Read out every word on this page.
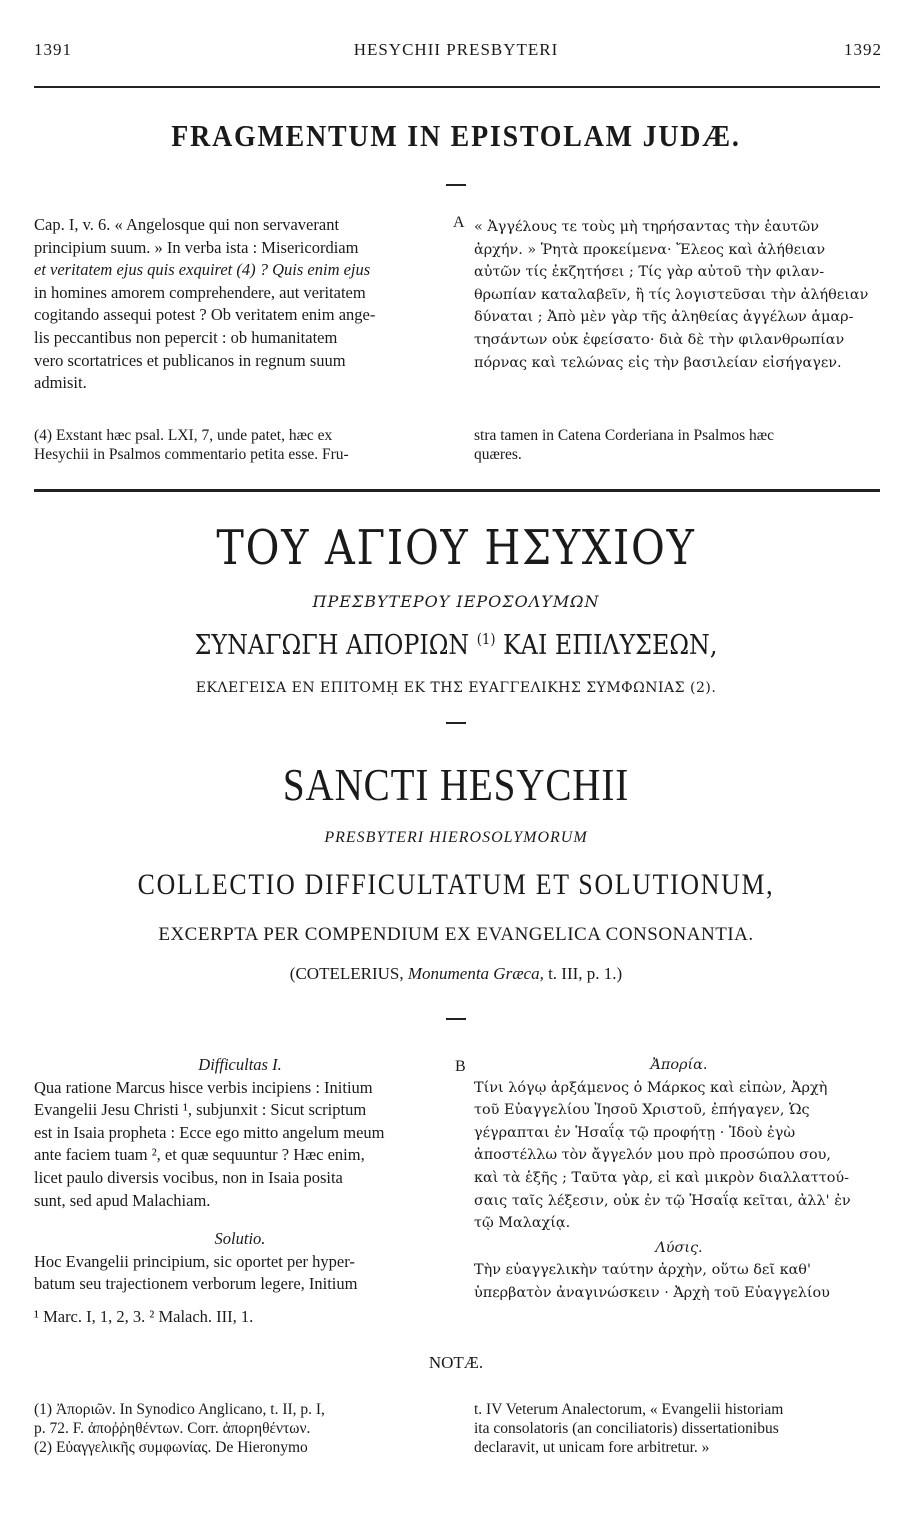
1391	HESYCHII PRESBYTERI	1392
FRAGMENTUM IN EPISTOLAM JUDÆ.

Cap. I, v. 6. « Angelosque qui non servaverant

principium suum. » In verba ista : Misericordiam

et veritatem ejus quis exquiret (4) ? Quis enim ejus

in homines amorem comprehendere, aut veritatem

cogitando assequi potest ? Ob veritatem enim ange-

lis peccantibus non pepercit : ob humanitatem

vero scortatrices et publicanos in regnum suum

admisit.

A « Ἀγγέλους τε τοὺς μὴ τηρήσαντας τὴν ἑαυτῶν

ἀρχήν. » Ῥητὰ προκείμενα· Ἔλεος καὶ ἀλήθειαν

αὐτῶν τίς ἐκζητήσει ; Τίς γὰρ αὐτοῦ τὴν φιλαν-

θρωπίαν καταλαβεῖν, ἢ τίς λογιστεῦσαι τὴν ἀλήθειαν

δύναται ; Ἀπὸ μὲν γὰρ τῆς ἀληθείας ἀγγέλων ἁμαρ-

τησάντων οὐκ ἐφείσατο· διὰ δὲ τὴν φιλανθρωπίαν

πόρνας καὶ τελώνας εἰς τὴν βασιλείαν εἰσήγαγεν.

(4) Exstant hæc psal. LXI, 7, unde patet, hæc ex

Hesychii in Psalmos commentario petita esse. Fru-

stra tamen in Catena Corderiana in Psalmos hæc

quæres.

ΤΟΥ ΑΓΙΟΥ ΗΣΥΧΙΟΥ
ΠΡΕΣΒΥΤΕΡΟΥ ΙΕΡΟΣΟΛΥΜΩΝ
ΣΥΝΑΓΩΓΗ ΑΠΟΡΙΩΝ $^{(1)}$ ΚΑΙ ΕΠΙΛΥΣΕΩΝ,
ΕΚΛΕΓΕΙΣΑ ΕΝ ΕΠΙΤΟΜῌ ΕΚ ΤΗΣ ΕΥΑΓΓΕΛΙΚΗΣ ΣΥΜΦΩΝΙΑΣ (2).
SANCTI HESYCHII
PRESBYTERI HIEROSOLYMORUM
COLLECTIO DIFFICULTATUM ET SOLUTIONUM,
EXCERPTA PER COMPENDIUM EX EVANGELICA CONSONANTIA.
(COTELERIUS, Monumenta Græca, t. III, p. 1.)

Difficultas I.

Qua ratione Marcus hisce verbis incipiens : Initium

Evangelii Jesu Christi ¹, subjunxit : Sicut scriptum

est in Isaia propheta : Ecce ego mitto angelum meum

ante faciem tuam ², et quæ sequuntur ? Hæc enim,

licet paulo diversis vocibus, non in Isaia posita

sunt, sed apud Malachiam.

Solutio.

Hoc Evangelii principium, sic oportet per hyper-

batum seu trajectionem verborum legere, Initium

¹ Marc. I, 1, 2, 3. ² Malach. III, 1.

B	Ἀπορία.

Τίνι λόγῳ ἀρξάμενος ὁ Μάρκος καὶ εἰπὼν, Ἀρχὴ

τοῦ Εὐαγγελίου Ἰησοῦ Χριστοῦ, ἐπήγαγεν, Ὡς

γέγραπται ἐν Ἡσαΐᾳ τῷ προφήτῃ · Ἰδοὺ ἐγὼ

ἀποστέλλω τὸν ἄγγελόν μου πρὸ προσώπου σου,

καὶ τὰ ἑξῆς ; Ταῦτα γὰρ, εἰ καὶ μικρὸν διαλλαττού-

σαις ταῖς λέξεσιν, οὐκ ἐν τῷ Ἡσαΐᾳ κεῖται, ἀλλ' ἐν

τῷ Μαλαχίᾳ.

Λύσις.

Τὴν εὐαγγελικὴν ταύτην ἀρχὴν, οὕτω δεῖ καθ'

ὑπερβατὸν ἀναγινώσκειν · Ἀρχὴ τοῦ Εὐαγγελίου

NOTÆ.

(1) Ἀποριῶν. In Synodico Anglicano, t. II, p. I,

p. 72. F. ἀποῤῥηθέντων. Corr. ἀπορηθέντων.

(2) Εὐαγγελικῆς συμφωνίας. De Hieronymo

t. IV Veterum Analectorum, « Evangelii historiam

ita consolatoris (an conciliatoris) dissertationibus

declaravit, ut unicam fore arbitretur. »
